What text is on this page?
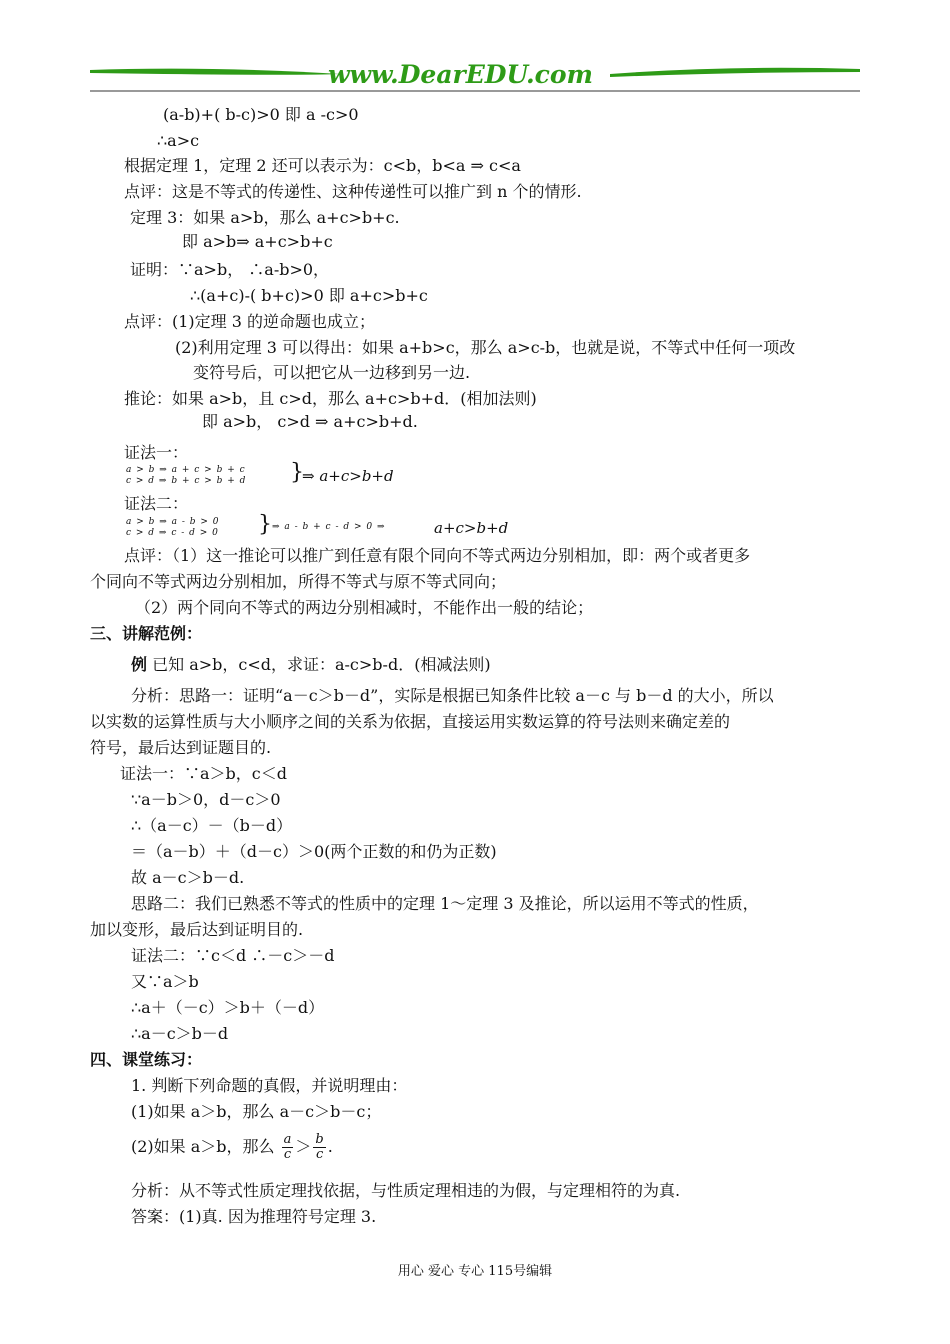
www.DearEDU.com
(a-b)+( b-c)>0 即 a -c>0
∴a>c
根据定理 1，定理 2 还可以表示为：c<b，b<a ⇒ c<a
点评：这是不等式的传递性、这种传递性可以推广到 n 个的情形.
定理 3：如果 a>b，那么 a+c>b+c.
即 a>b⇒ a+c>b+c
证明：∵a>b， ∴a-b>0，
∴(a+c)-( b+c)>0 即 a+c>b+c
点评：(1)定理 3 的逆命题也成立；
(2)利用定理 3 可以得出：如果 a+b>c，那么 a>c-b，也就是说，不等式中任何一项改
变符号后，可以把它从一边移到另一边.
推论：如果 a>b，且 c>d，那么 a+c>b+d．(相加法则)
即 a>b， c>d ⇒ a+c>b+d.
证法一：
a > b ⇒ a + c > b + c
c > d ⇒ b + c > b + d }
⇒ a+c>b+d
证法二：
a > b ⇒ a - b > 0
c > d ⇒ c - d > 0 } ⇒ a - b + c - d > 0 ⇒	a+c>b+d
点评：（1）这一推论可以推广到任意有限个同向不等式两边分别相加，即：两个或者更多
个同向不等式两边分别相加，所得不等式与原不等式同向；
（2）两个同向不等式的两边分别相减时，不能作出一般的结论；
三、讲解范例：
例 已知 a>b，c<d，求证：a-c>b-d．(相减法则)
分析：思路一：证明“a－c＞b－d”，实际是根据已知条件比较 a－c 与 b－d 的大小，所以
以实数的运算性质与大小顺序之间的关系为依据，直接运用实数运算的符号法则来确定差的
符号，最后达到证题目的.
证法一：∵a＞b，c＜d
∵a－b＞0，d－c＞0
∴（a－c）－（b－d）
＝（a－b）＋（d－c）＞0(两个正数的和仍为正数)
故 a－c＞b－d.
思路二：我们已熟悉不等式的性质中的定理 1～定理 3 及推论，所以运用不等式的性质，
加以变形，最后达到证明目的.
证法二：∵c＜d ∴－c＞－d
又∵a＞b
∴a＋（－c）＞b＋（－d）
∴a－c＞b－d
四、课堂练习：
1. 判断下列命题的真假，并说明理由：
(1)如果 a＞b，那么 a－c＞b－c；
(2)如果 a＞b，那么 $\frac{a}{c} > \frac{b}{c}$ .
分析：从不等式性质定理找依据，与性质定理相违的为假，与定理相符的为真.
答案：(1)真. 因为推理符号定理 3.
用心 爱心 专心 115号编辑
